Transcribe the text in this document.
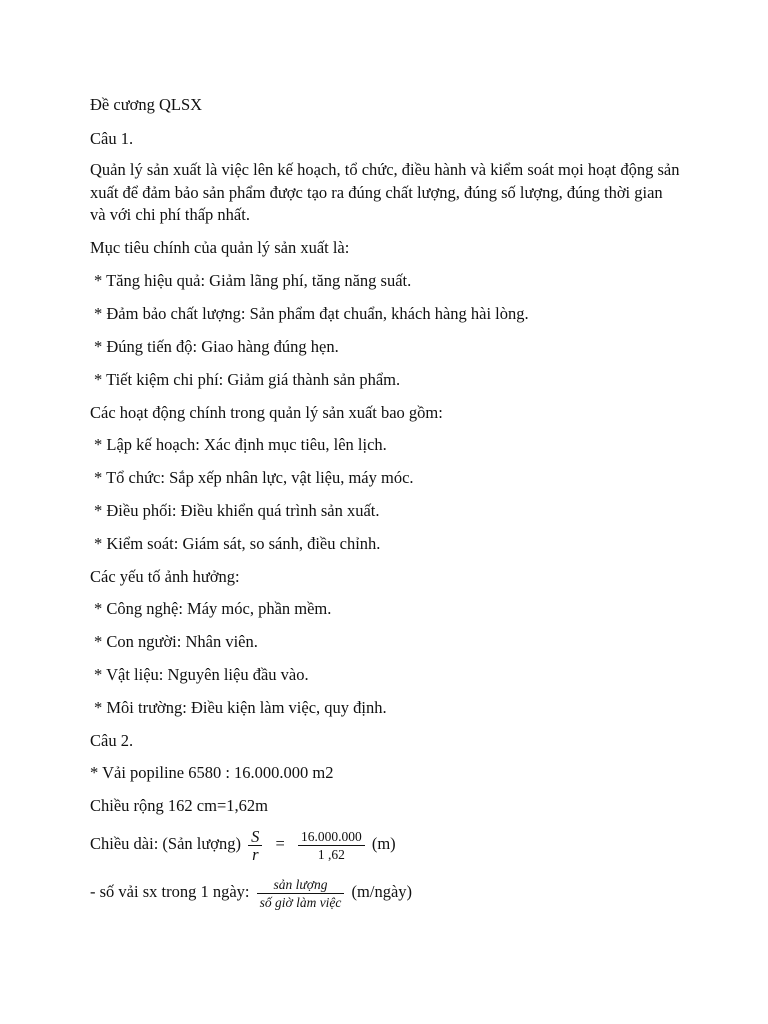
Đề cương QLSX
Câu 1.
Quản lý sản xuất là việc lên kế hoạch, tổ chức, điều hành và kiểm soát mọi hoạt động sản xuất để đảm bảo sản phẩm được tạo ra đúng chất lượng, đúng số lượng, đúng thời gian và với chi phí thấp nhất.
Mục tiêu chính của quản lý sản xuất là:
* Tăng hiệu quả: Giảm lãng phí, tăng năng suất.
* Đảm bảo chất lượng: Sản phẩm đạt chuẩn, khách hàng hài lòng.
* Đúng tiến độ: Giao hàng đúng hẹn.
* Tiết kiệm chi phí: Giảm giá thành sản phẩm.
Các hoạt động chính trong quản lý sản xuất bao gồm:
* Lập kế hoạch: Xác định mục tiêu, lên lịch.
* Tổ chức: Sắp xếp nhân lực, vật liệu, máy móc.
* Điều phối: Điều khiển quá trình sản xuất.
* Kiểm soát: Giám sát, so sánh, điều chỉnh.
Các yếu tố ảnh hưởng:
* Công nghệ: Máy móc, phần mềm.
* Con người: Nhân viên.
* Vật liệu: Nguyên liệu đầu vào.
* Môi trường: Điều kiện làm việc, quy định.
Câu 2.
* Vải popiline 6580 : 16.000.000 m2
Chiều rộng 162 cm=1,62m
Chiều dài: (Sản lượng) $\frac{S}{r} = \frac{16.000.000}{1 ,62} (m)$
- số vải sx trong 1 ngày: $\frac{\text{sản lượng}}{\text{số giờ làm việc}}$ (m/ngày)
